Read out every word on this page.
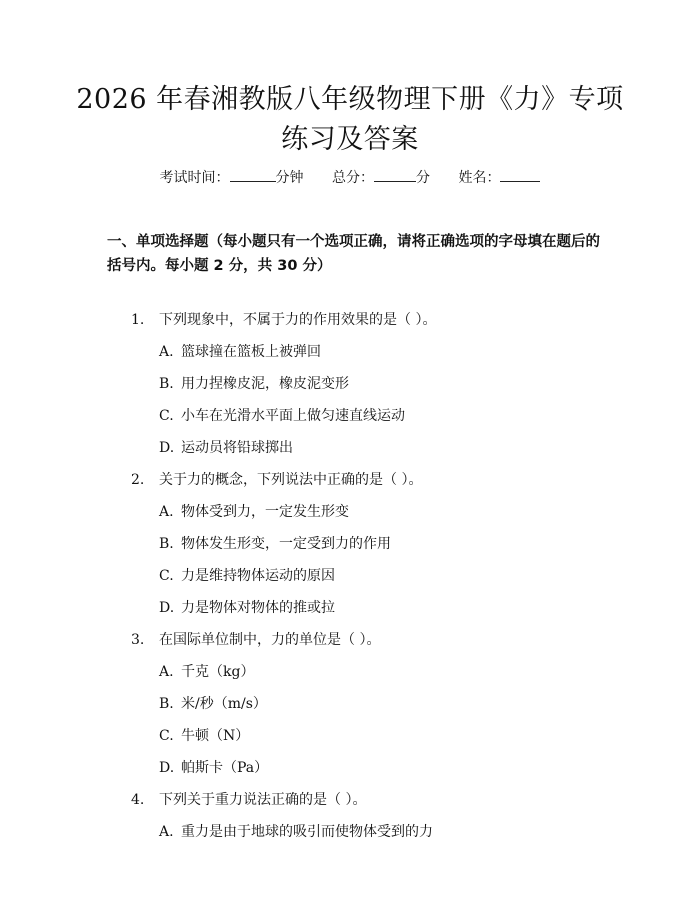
2026 年春湘教版八年级物理下册《力》专项
练习及答案
考试时间：	分钟 总分：	分 姓名：
一、单项选择题（每小题只有一个选项正确，请将正确选项的字母填在题后的括号内。每小题 2 分，共 30 分）
1. 下列现象中，不属于力的作用效果的是（ ）。
A. 篮球撞在篮板上被弹回
B. 用力捏橡皮泥，橡皮泥变形
C. 小车在光滑水平面上做匀速直线运动
D. 运动员将铅球掷出
2. 关于力的概念，下列说法中正确的是（ ）。
A. 物体受到力，一定发生形变
B. 物体发生形变，一定受到力的作用
C. 力是维持物体运动的原因
D. 力是物体对物体的推或拉
3. 在国际单位制中，力的单位是（ ）。
A. 千克（kg）
B. 米/秒（m/s）
C. 牛顿（N）
D. 帕斯卡（Pa）
4. 下列关于重力说法正确的是（ ）。
A. 重力是由于地球的吸引而使物体受到的力
